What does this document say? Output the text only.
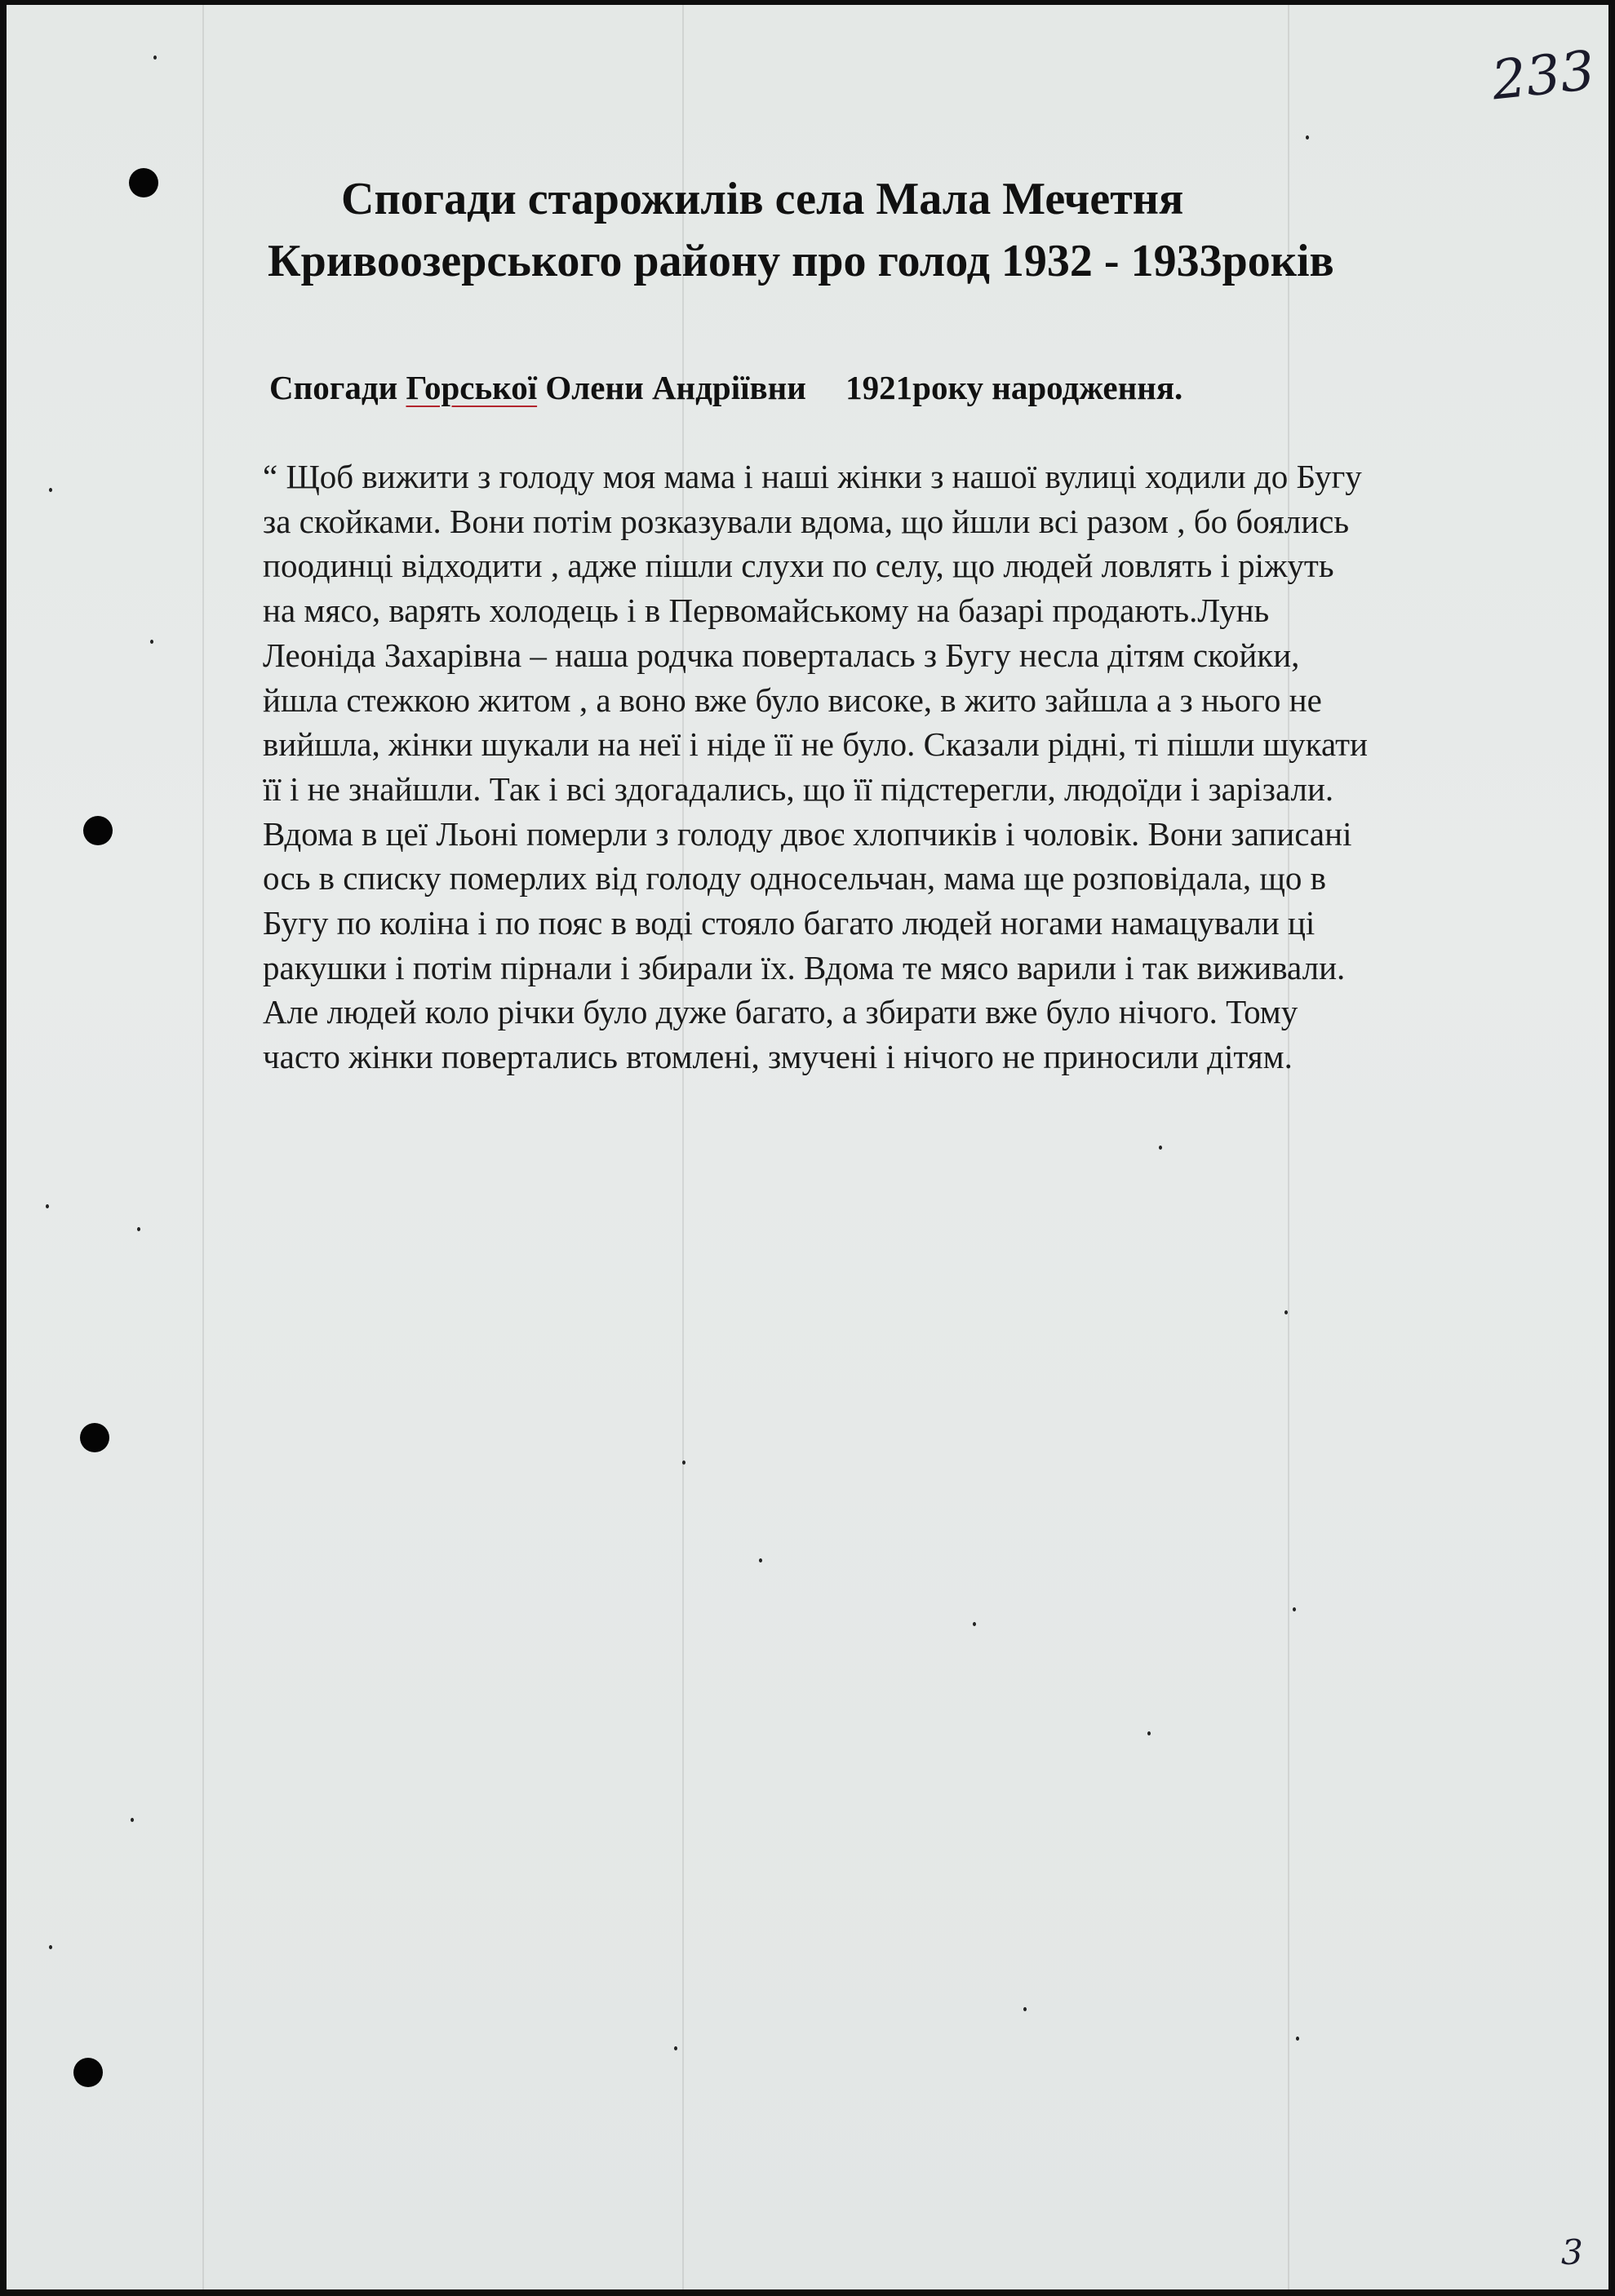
233
Спогади старожилів села Мала Мечетня
Кривоозерського району про голод 1932 - 1933років
Спогади Горської Олени Андріївни 1921року народження.
“ Щоб вижити з голоду моя мама і наші жінки з нашої вулиці ходили до Бугу
за скойками. Вони потім розказували вдома, що йшли всі разом , бо боялись
поодинці відходити , адже пішли слухи по селу, що людей ловлять і ріжуть
на мясо, варять холодець і в Первомайському на базарі продають.Лунь
Леоніда Захарівна – наша родчка поверталась з Бугу несла дітям скойки,
йшла стежкою житом , а воно вже було високе, в жито зайшла а з нього не
вийшла, жінки шукали на неї і ніде її не було. Сказали рідні, ті пішли шукати
її і не знайшли. Так і всі здогадались, що її підстерегли, людоїди і зарізали.
Вдома в цеї Льоні померли з голоду двоє хлопчиків і чоловік. Вони записані
ось в списку померлих від голоду односельчан, мама ще розповідала, що в
Бугу по коліна і по пояс в воді стояло багато людей ногами намацували ці
ракушки і потім пірнали і збирали їх. Вдома те мясо варили і так виживали.
Але людей коло річки було дуже багато, а збирати вже було нічого. Тому
часто жінки повертались втомлені, змучені і нічого не приносили дітям.
3
